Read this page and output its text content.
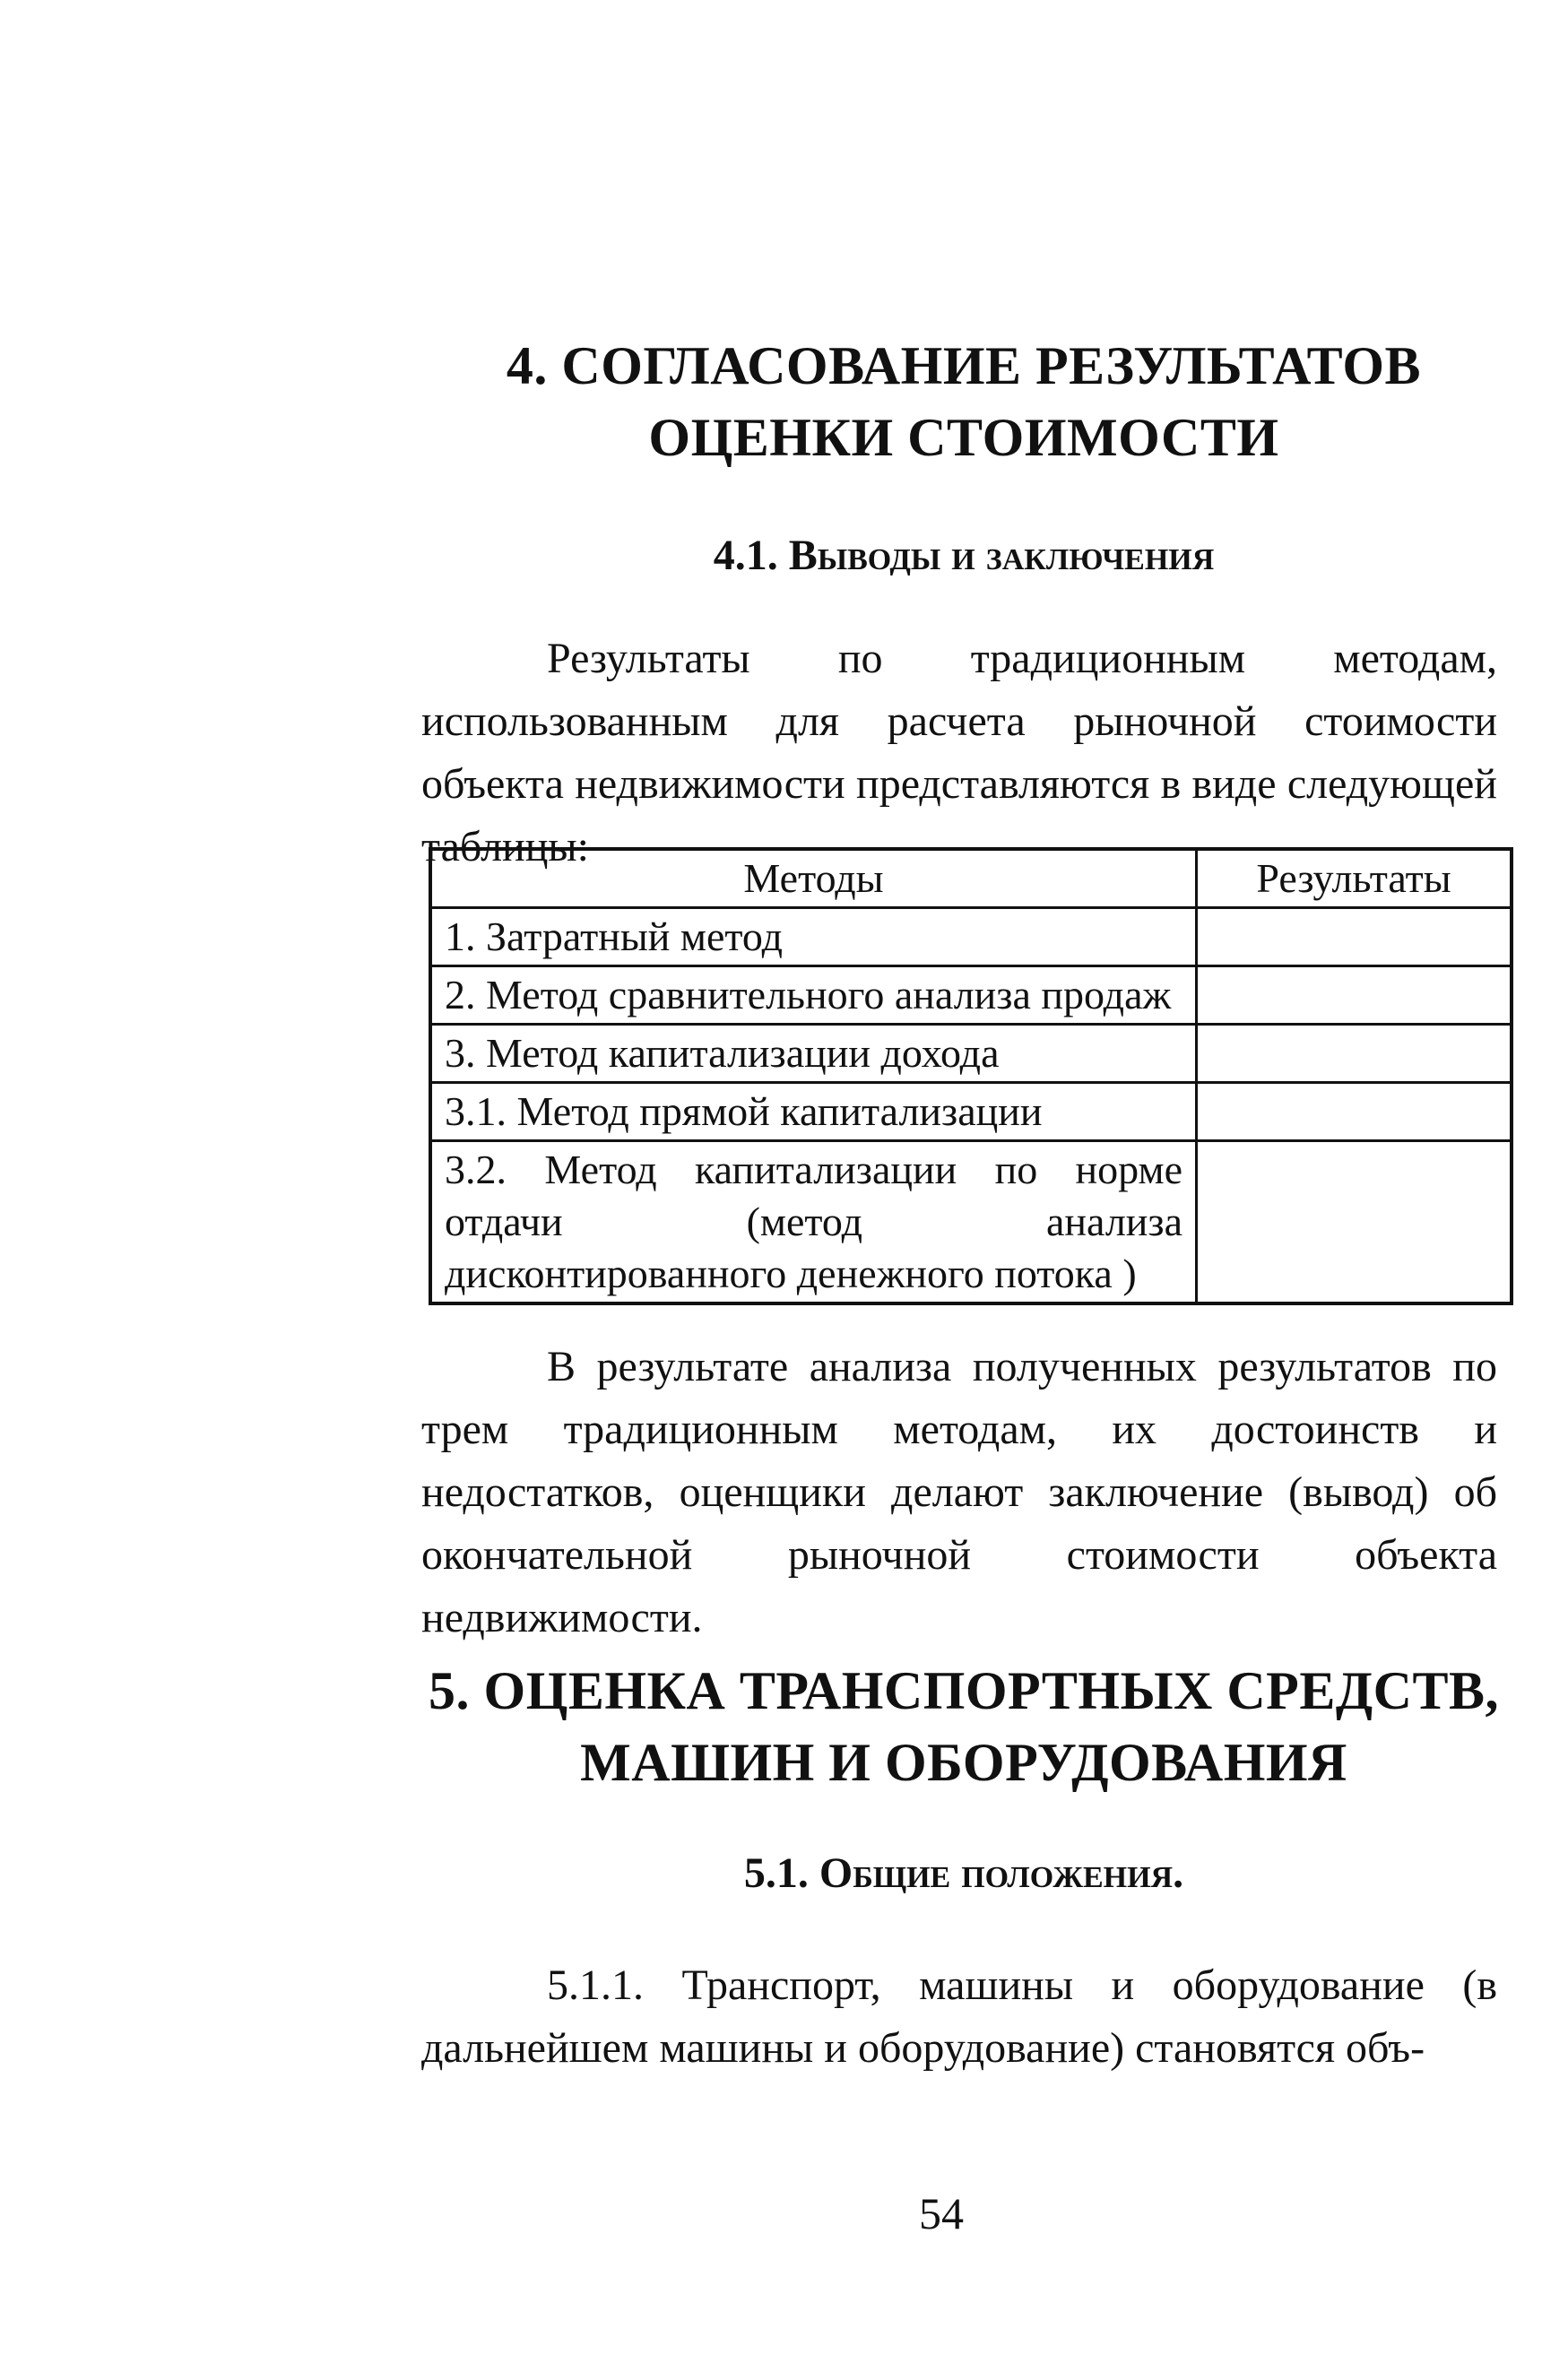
4. СОГЛАСОВАНИЕ РЕЗУЛЬТАТОВ
ОЦЕНКИ СТОИМОСТИ
4.1. Выводы и заключения

Результаты по традиционным методам, использованным для расчета рыночной стоимости объекта недвижимости представляются в виде следующей таблицы:

Методы	Результаты
1. Затратный метод	
2. Метод сравнительного анализа продаж	
3. Метод капитализации дохода	
3.1. Метод прямой капитализации	
3.2. Метод капитализации по норме отдачи (метод анализа дисконтированного денежного потока )	

В результате анализа полученных результатов по трем традиционным методам, их достоинств и недостатков, оценщики делают заключение (вывод) об окончательной рыночной стоимости объекта недвижимости.

5. ОЦЕНКА ТРАНСПОРТНЫХ СРЕДСТВ,
МАШИН И ОБОРУДОВАНИЯ
5.1. Общие положения.

5.1.1. Транспорт, машины и оборудование (в дальнейшем машины и оборудование) становятся объ-

54
